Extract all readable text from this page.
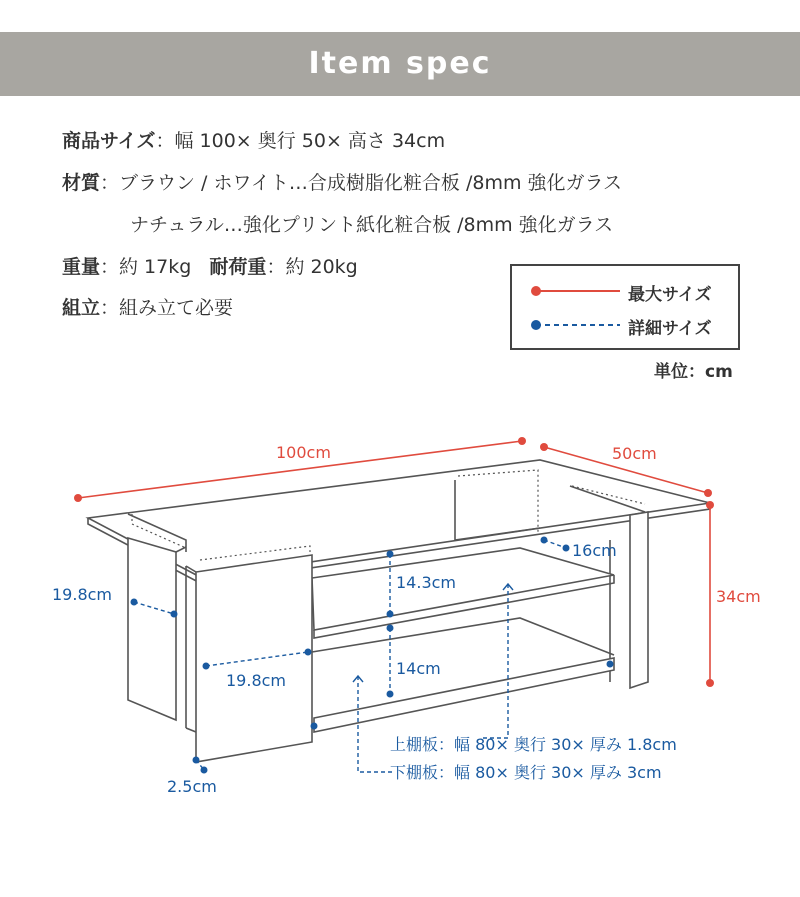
Item spec
商品サイズ：幅 100× 奥行 50× 高さ 34cm
材質：ブラウン / ホワイト…合成樹脂化粧合板 /8mm 強化ガラス
ナチュラル…強化プリント紙化粧合板 /8mm 強化ガラス
重量：約 17kg 耐荷重：約 20kg
組立：組み立て必要
最大サイズ
詳細サイズ
単位：cm
100cm	50cm
34cm
19.8cm
19.8cm
14.3cm
14cm
16cm
2.5cm
上棚板：幅 80× 奥行 30× 厚み 1.8cm
下棚板：幅 80× 奥行 30× 厚み 3cm
